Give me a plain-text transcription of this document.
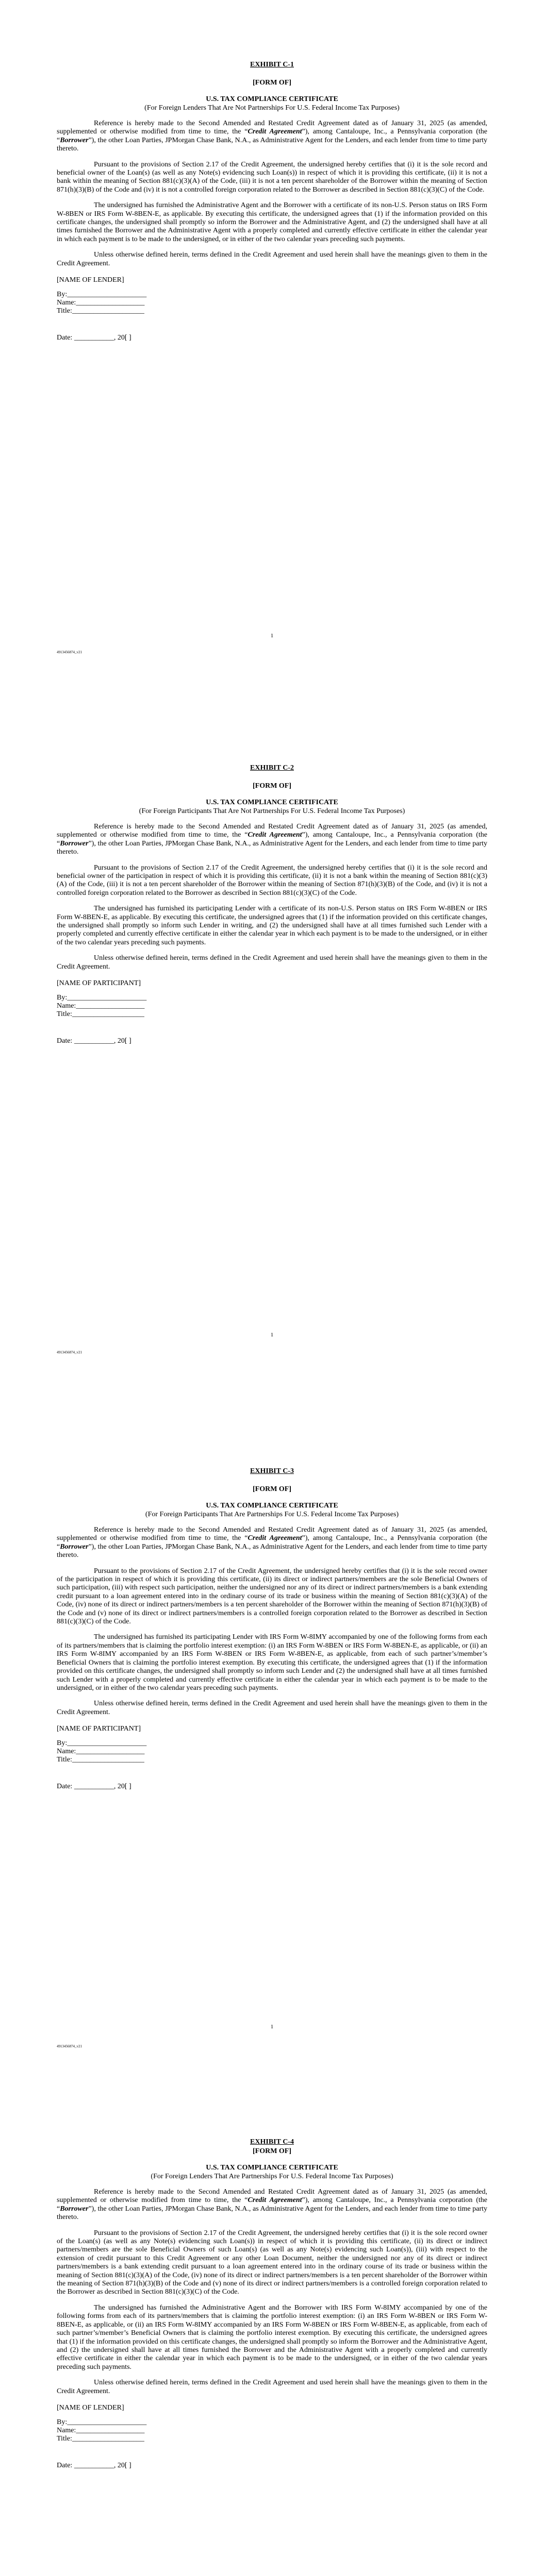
EXHIBIT C-1

[FORM OF]

U.S. TAX COMPLIANCE CERTIFICATE

(For Foreign Lenders That Are Not Partnerships For U.S. Federal Income Tax Purposes)

Reference is hereby made to the Second Amended and Restated Credit Agreement dated as of January 31, 2025 (as amended, supplemented or otherwise modified from time to time, the “Credit Agreement”), among Cantaloupe, Inc., a Pennsylvania corporation (the “Borrower”), the other Loan Parties, JPMorgan Chase Bank, N.A., as Administrative Agent for the Lenders, and each lender from time to time party thereto.

Pursuant to the provisions of Section 2.17 of the Credit Agreement, the undersigned hereby certifies that (i) it is the sole record and beneficial owner of the Loan(s) (as well as any Note(s) evidencing such Loan(s)) in respect of which it is providing this certificate, (ii) it is not a bank within the meaning of Section 881(c)(3)(A) of the Code, (iii) it is not a ten percent shareholder of the Borrower within the meaning of Section 871(h)(3)(B) of the Code and (iv) it is not a controlled foreign corporation related to the Borrower as described in Section 881(c)(3)(C) of the Code.

The undersigned has furnished the Administrative Agent and the Borrower with a certificate of its non-U.S. Person status on IRS Form W-8BEN or IRS Form W-8BEN-E, as applicable. By executing this certificate, the undersigned agrees that (1) if the information provided on this certificate changes, the undersigned shall promptly so inform the Borrower and the Administrative Agent, and (2) the undersigned shall have at all times furnished the Borrower and the Administrative Agent with a properly completed and currently effective certificate in either the calendar year in which each payment is to be made to the undersigned, or in either of the two calendar years preceding such payments.

Unless otherwise defined herein, terms defined in the Credit Agreement and used herein shall have the meanings given to them in the Credit Agreement.

[NAME OF LENDER]

By:______________________
Name:___________________
Title:____________________

Date: ___________, 20[ ]

1
4913456874_v21

EXHIBIT C-2

[FORM OF]

U.S. TAX COMPLIANCE CERTIFICATE

(For Foreign Participants That Are Not Partnerships For U.S. Federal Income Tax Purposes)

Reference is hereby made to the Second Amended and Restated Credit Agreement dated as of January 31, 2025 (as amended, supplemented or otherwise modified from time to time, the “Credit Agreement”), among Cantaloupe, Inc., a Pennsylvania corporation (the “Borrower”), the other Loan Parties, JPMorgan Chase Bank, N.A., as Administrative Agent for the Lenders, and each lender from time to time party thereto.

Pursuant to the provisions of Section 2.17 of the Credit Agreement, the undersigned hereby certifies that (i) it is the sole record and beneficial owner of the participation in respect of which it is providing this certificate, (ii) it is not a bank within the meaning of Section 881(c)(3)(A) of the Code, (iii) it is not a ten percent shareholder of the Borrower within the meaning of Section 871(h)(3)(B) of the Code, and (iv) it is not a controlled foreign corporation related to the Borrower as described in Section 881(c)(3)(C) of the Code.

The undersigned has furnished its participating Lender with a certificate of its non-U.S. Person status on IRS Form W-8BEN or IRS Form W-8BEN-E, as applicable. By executing this certificate, the undersigned agrees that (1) if the information provided on this certificate changes, the undersigned shall promptly so inform such Lender in writing, and (2) the undersigned shall have at all times furnished such Lender with a properly completed and currently effective certificate in either the calendar year in which each payment is to be made to the undersigned, or in either of the two calendar years preceding such payments.

Unless otherwise defined herein, terms defined in the Credit Agreement and used herein shall have the meanings given to them in the Credit Agreement.

[NAME OF PARTICIPANT]

By:______________________
Name:___________________
Title:____________________

Date: ___________, 20[ ]

1
4913456874_v21

EXHIBIT C-3

[FORM OF]

U.S. TAX COMPLIANCE CERTIFICATE

(For Foreign Participants That Are Partnerships For U.S. Federal Income Tax Purposes)

Reference is hereby made to the Second Amended and Restated Credit Agreement dated as of January 31, 2025 (as amended, supplemented or otherwise modified from time to time, the “Credit Agreement”), among Cantaloupe, Inc., a Pennsylvania corporation (the “Borrower”), the other Loan Parties, JPMorgan Chase Bank, N.A., as Administrative Agent for the Lenders, and each lender from time to time party thereto.

Pursuant to the provisions of Section 2.17 of the Credit Agreement, the undersigned hereby certifies that (i) it is the sole record owner of the participation in respect of which it is providing this certificate, (ii) its direct or indirect partners/members are the sole Beneficial Owners of such participation, (iii) with respect such participation, neither the undersigned nor any of its direct or indirect partners/members is a bank extending credit pursuant to a loan agreement entered into in the ordinary course of its trade or business within the meaning of Section 881(c)(3)(A) of the Code, (iv) none of its direct or indirect partners/members is a ten percent shareholder of the Borrower within the meaning of Section 871(h)(3)(B) of the Code and (v) none of its direct or indirect partners/members is a controlled foreign corporation related to the Borrower as described in Section 881(c)(3)(C) of the Code.

The undersigned has furnished its participating Lender with IRS Form W-8IMY accompanied by one of the following forms from each of its partners/members that is claiming the portfolio interest exemption: (i) an IRS Form W-8BEN or IRS Form W-8BEN-E, as applicable, or (ii) an IRS Form W-8IMY accompanied by an IRS Form W-8BEN or IRS Form W-8BEN-E, as applicable, from each of such partner’s/member’s Beneficial Owners that is claiming the portfolio interest exemption. By executing this certificate, the undersigned agrees that (1) if the information provided on this certificate changes, the undersigned shall promptly so inform such Lender and (2) the undersigned shall have at all times furnished such Lender with a properly completed and currently effective certificate in either the calendar year in which each payment is to be made to the undersigned, or in either of the two calendar years preceding such payments.

Unless otherwise defined herein, terms defined in the Credit Agreement and used herein shall have the meanings given to them in the Credit Agreement.

[NAME OF PARTICIPANT]

By:______________________
Name:___________________
Title:____________________

Date: ___________, 20[ ]

1
4913456874_v21

EXHIBIT C-4

[FORM OF]

U.S. TAX COMPLIANCE CERTIFICATE

(For Foreign Lenders That Are Partnerships For U.S. Federal Income Tax Purposes)

Reference is hereby made to the Second Amended and Restated Credit Agreement dated as of January 31, 2025 (as amended, supplemented or otherwise modified from time to time, the “Credit Agreement”), among Cantaloupe, Inc., a Pennsylvania corporation (the “Borrower”), the other Loan Parties, JPMorgan Chase Bank, N.A., as Administrative Agent for the Lenders, and each lender from time to time party thereto.

Pursuant to the provisions of Section 2.17 of the Credit Agreement, the undersigned hereby certifies that (i) it is the sole record owner of the Loan(s) (as well as any Note(s) evidencing such Loan(s)) in respect of which it is providing this certificate, (ii) its direct or indirect partners/members are the sole Beneficial Owners of such Loan(s) (as well as any Note(s) evidencing such Loan(s)), (iii) with respect to the extension of credit pursuant to this Credit Agreement or any other Loan Document, neither the undersigned nor any of its direct or indirect partners/members is a bank extending credit pursuant to a loan agreement entered into in the ordinary course of its trade or business within the meaning of Section 881(c)(3)(A) of the Code, (iv) none of its direct or indirect partners/members is a ten percent shareholder of the Borrower within the meaning of Section 871(h)(3)(B) of the Code and (v) none of its direct or indirect partners/members is a controlled foreign corporation related to the Borrower as described in Section 881(c)(3)(C) of the Code.

The undersigned has furnished the Administrative Agent and the Borrower with IRS Form W-8IMY accompanied by one of the following forms from each of its partners/members that is claiming the portfolio interest exemption: (i) an IRS Form W-8BEN or IRS Form W-8BEN-E, as applicable, or (ii) an IRS Form W-8IMY accompanied by an IRS Form W-8BEN or IRS Form W-8BEN-E, as applicable, from each of such partner’s/member’s Beneficial Owners that is claiming the portfolio interest exemption. By executing this certificate, the undersigned agrees that (1) if the information provided on this certificate changes, the undersigned shall promptly so inform the Borrower and the Administrative Agent, and (2) the undersigned shall have at all times furnished the Borrower and the Administrative Agent with a properly completed and currently effective certificate in either the calendar year in which each payment is to be made to the undersigned, or in either of the two calendar years preceding such payments.

Unless otherwise defined herein, terms defined in the Credit Agreement and used herein shall have the meanings given to them in the Credit Agreement.

[NAME OF LENDER]

By:______________________
Name:___________________
Title:____________________

Date: ___________, 20[ ]
